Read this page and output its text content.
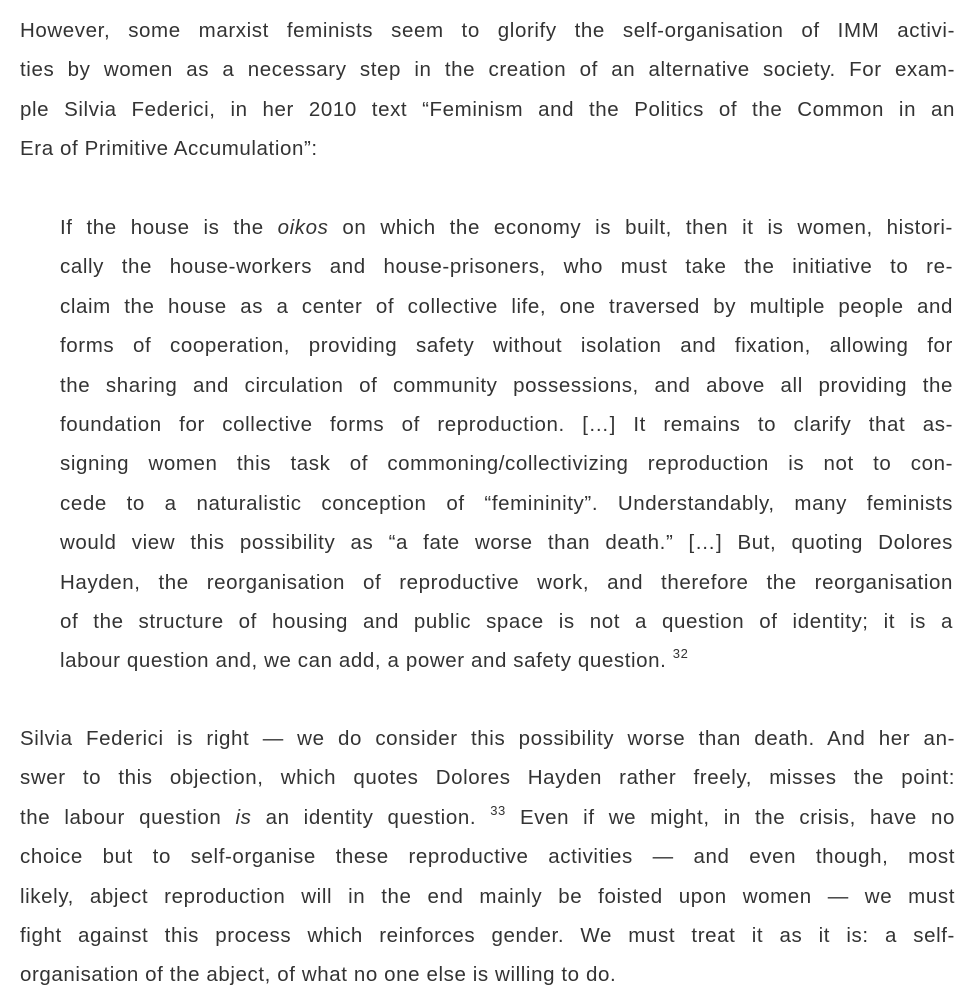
However, some marxist feminists seem to glorify the self-organisation of IMM activi-
ties by women as a necessary step in the creation of an alternative society. For exam-
ple Silvia Federici, in her 2010 text “Feminism and the Politics of the Common in an
Era of Primitive Accumulation”:
If the house is the oikos on which the economy is built, then it is women, histori-
cally the house-workers and house-prisoners, who must take the initiative to re-
claim the house as a center of collective life, one traversed by multiple people and
forms of cooperation, providing safety without isolation and fixation, allowing for
the sharing and circulation of community possessions, and above all providing the
foundation for collective forms of reproduction. […] It remains to clarify that as-
signing women this task of commoning/collectivizing reproduction is not to con-
cede to a naturalistic conception of “femininity”. Understandably, many feminists
would view this possibility as “a fate worse than death.” […] But, quoting Dolores
Hayden, the reorganisation of reproductive work, and therefore the reorganisation
of the structure of housing and public space is not a question of identity; it is a
labour question and, we can add, a power and safety question. $^{32}$
Silvia Federici is right — we do consider this possibility worse than death. And her an-
swer to this objection, which quotes Dolores Hayden rather freely, misses the point:
the labour question is an identity question. $^{33}$ Even if we might, in the crisis, have no
choice but to self-organise these reproductive activities — and even though, most
likely, abject reproduction will in the end mainly be foisted upon women — we must
fight against this process which reinforces gender. We must treat it as it is: a self-
organisation of the abject, of what no one else is willing to do.
